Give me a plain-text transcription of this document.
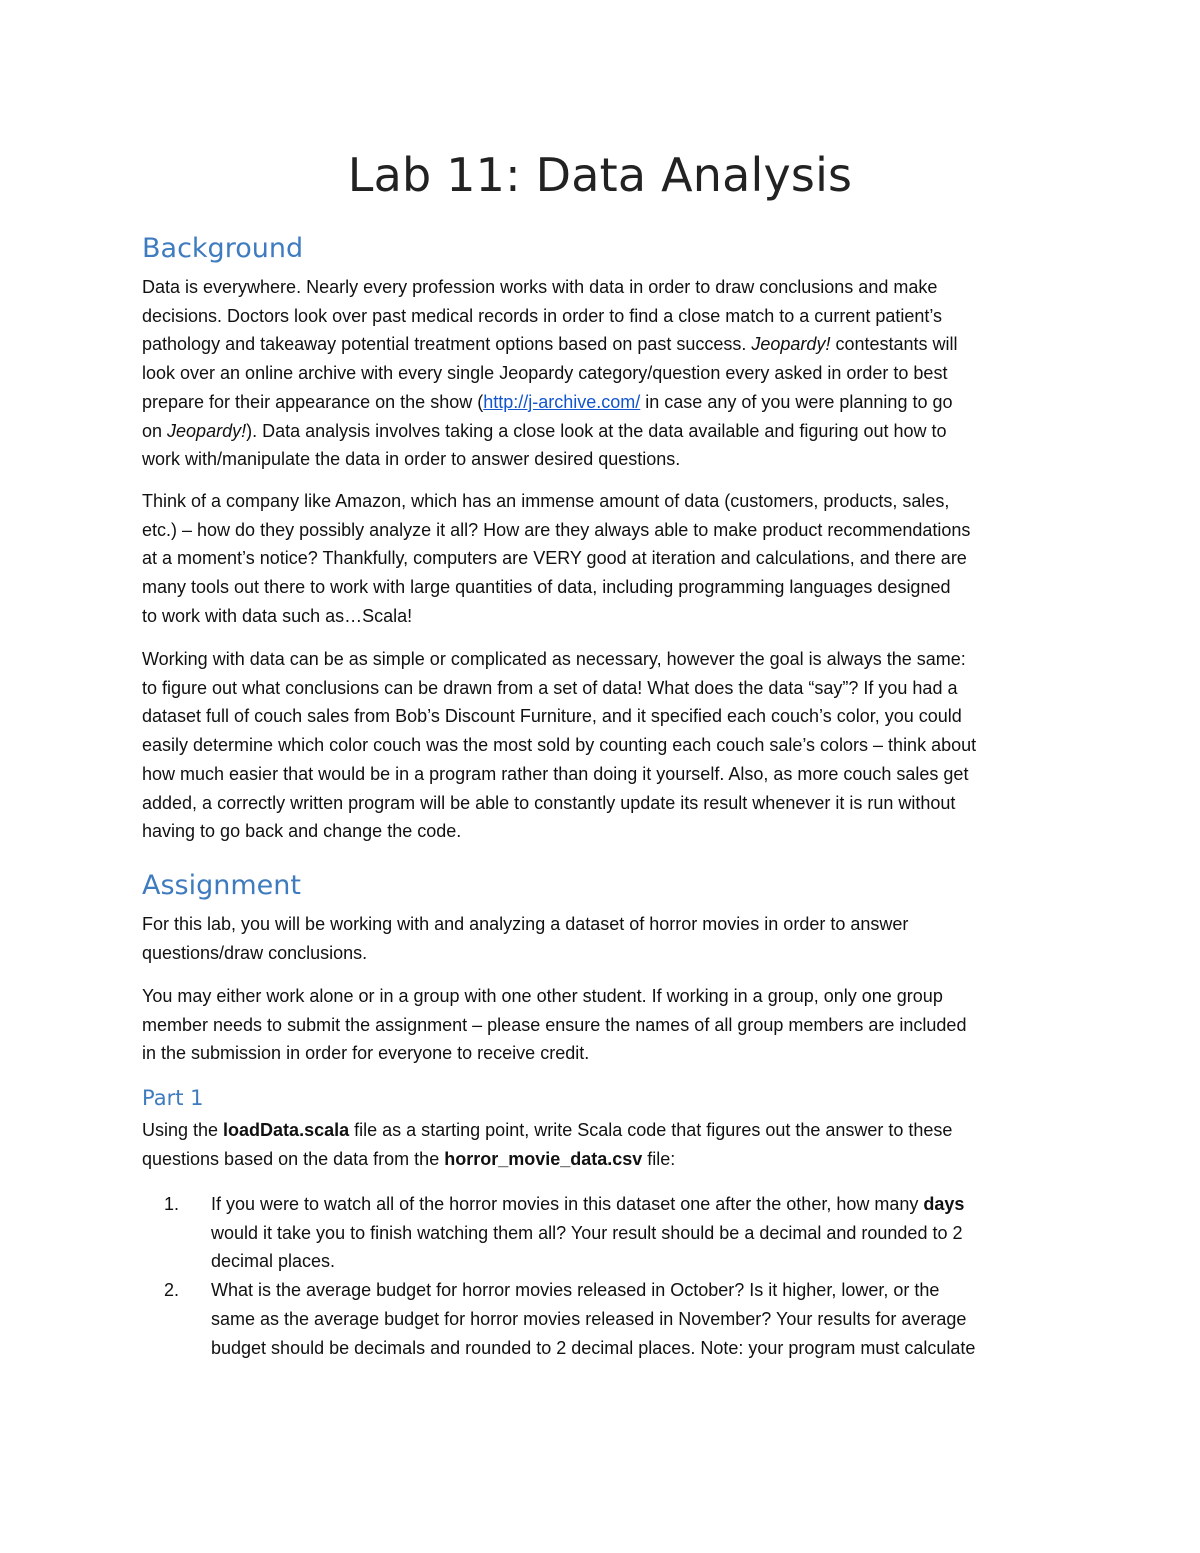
Lab 11: Data Analysis
Background

Data is everywhere. Nearly every profession works with data in order to draw conclusions and make
decisions. Doctors look over past medical records in order to find a close match to a current patient’s
pathology and takeaway potential treatment options based on past success. Jeopardy! contestants will
look over an online archive with every single Jeopardy category/question every asked in order to best
prepare for their appearance on the show (http://j-archive.com/ in case any of you were planning to go
on Jeopardy!). Data analysis involves taking a close look at the data available and figuring out how to
work with/manipulate the data in order to answer desired questions.

Think of a company like Amazon, which has an immense amount of data (customers, products, sales,
etc.) – how do they possibly analyze it all? How are they always able to make product recommendations
at a moment’s notice? Thankfully, computers are VERY good at iteration and calculations, and there are
many tools out there to work with large quantities of data, including programming languages designed
to work with data such as…Scala!

Working with data can be as simple or complicated as necessary, however the goal is always the same:
to figure out what conclusions can be drawn from a set of data! What does the data “say”? If you had a
dataset full of couch sales from Bob’s Discount Furniture, and it specified each couch’s color, you could
easily determine which color couch was the most sold by counting each couch sale’s colors – think about
how much easier that would be in a program rather than doing it yourself. Also, as more couch sales get
added, a correctly written program will be able to constantly update its result whenever it is run without
having to go back and change the code.

Assignment

For this lab, you will be working with and analyzing a dataset of horror movies in order to answer
questions/draw conclusions.

You may either work alone or in a group with one other student. If working in a group, only one group
member needs to submit the assignment – please ensure the names of all group members are included
in the submission in order for everyone to receive credit.

Part 1

Using the loadData.scala file as a starting point, write Scala code that figures out the answer to these
questions based on the data from the horror_movie_data.csv file:

1. If you were to watch all of the horror movies in this dataset one after the other, how many days
would it take you to finish watching them all? Your result should be a decimal and rounded to 2
decimal places.
2. What is the average budget for horror movies released in October? Is it higher, lower, or the
same as the average budget for horror movies released in November? Your results for average
budget should be decimals and rounded to 2 decimal places. Note: your program must calculate
